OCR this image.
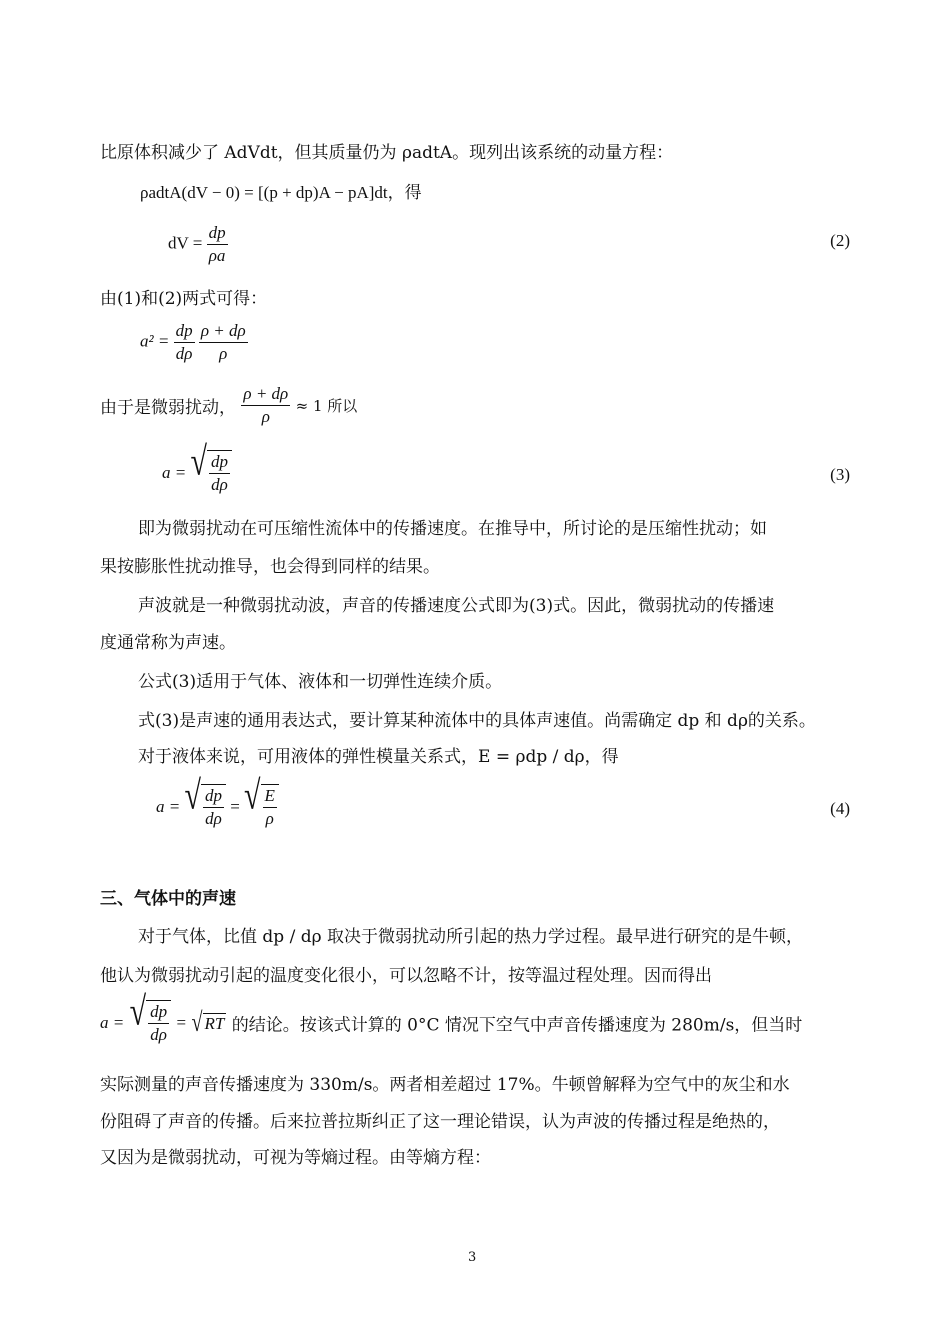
比原体积减少了 AdVdt，但其质量仍为 ρadtA。现列出该系统的动量方程：
ρadtA(dV − 0) = [(p + dp)A − pA]dt，得
dV = $\frac{dp}{\rho a}$	(2)
由(1)和(2)两式可得：
$a^2 = \frac{dp}{d\rho}$
$\frac{\rho + d\rho}{\rho}$
由于是微弱扰动， $\frac{\rho + d\rho}{\rho} \approx 1$ 所以
a = √ $\frac{dp}{d\rho}$	(3)
即为微弱扰动在可压缩性流体中的传播速度。在推导中，所讨论的是压缩性扰动；如
果按膨胀性扰动推导，也会得到同样的结果。
声波就是一种微弱扰动波，声音的传播速度公式即为(3)式。因此，微弱扰动的传播速
度通常称为声速。
公式(3)适用于气体、液体和一切弹性连续介质。
式(3)是声速的通用表达式，要计算某种流体中的具体声速值。尚需确定 dp 和 dρ的关系。
对于液体来说，可用液体的弹性模量关系式，E = ρdp / dρ，得
a = √ $\frac{dp}{d\rho}$ = √ $\frac{E}{\rho}$	(4)
三、气体中的声速
对于气体，比值 dp / dρ 取决于微弱扰动所引起的热力学过程。最早进行研究的是牛顿，
他认为微弱扰动引起的温度变化很小，可以忽略不计，按等温过程处理。因而得出
a = √ $\frac{dp}{d\rho}$ = √ RT 的结论。按该式计算的 0°C 情况下空气中声音传播速度为 280m/s，但当时
实际测量的声音传播速度为 330m/s。两者相差超过 17%。牛顿曾解释为空气中的灰尘和水
份阻碍了声音的传播。后来拉普拉斯纠正了这一理论错误，认为声波的传播过程是绝热的，
又因为是微弱扰动，可视为等熵过程。由等熵方程：
3
